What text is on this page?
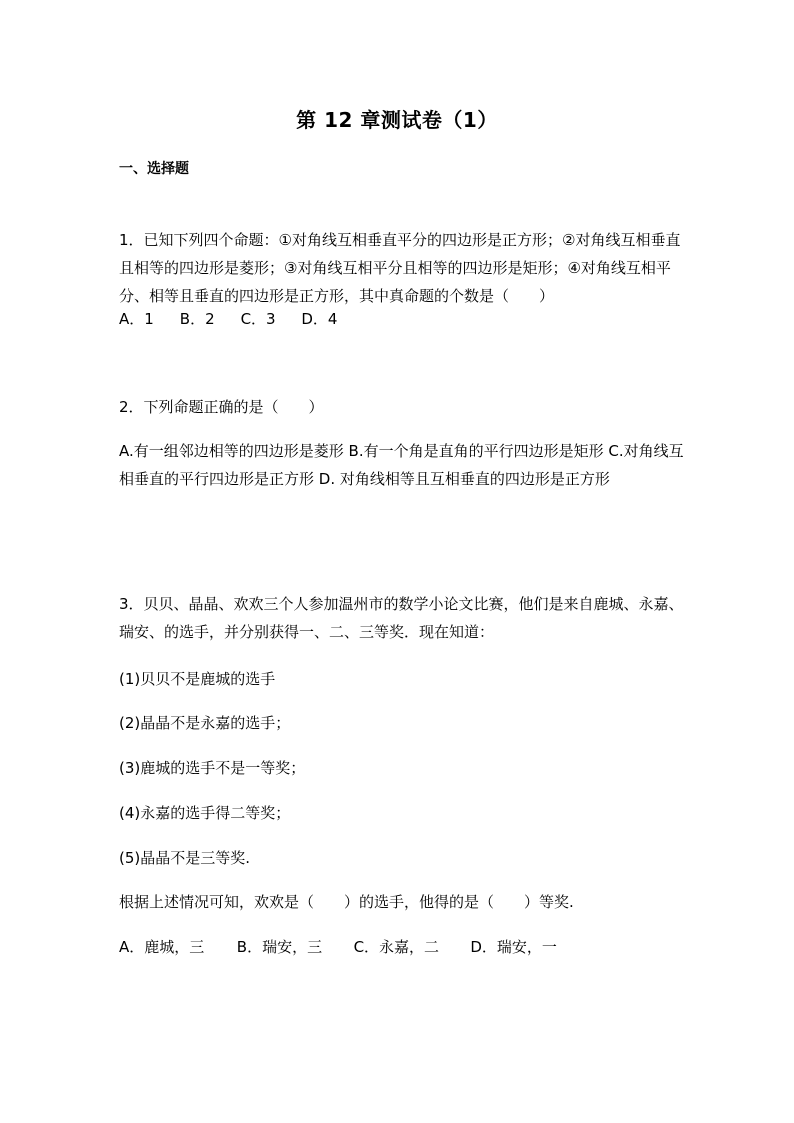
第 12 章测试卷（1）
一、选择题
1．已知下列四个命题：①对角线互相垂直平分的四边形是正方形；②对角线互相垂直且相等的四边形是菱形；③对角线互相平分且相等的四边形是矩形；④对角线互相平分、相等且垂直的四边形是正方形，其中真命题的个数是（　　）
A．1 B．2 C．3 D．4
2．下列命题正确的是（　　）
A.有一组邻边相等的四边形是菱形 B.有一个角是直角的平行四边形是矩形 C.对角线互相垂直的平行四边形是正方形 D. 对角线相等且互相垂直的四边形是正方形
3．贝贝、晶晶、欢欢三个人参加温州市的数学小论文比赛，他们是来自鹿城、永嘉、瑞安、的选手，并分别获得一、二、三等奖．现在知道：
(1)贝贝不是鹿城的选手
(2)晶晶不是永嘉的选手；
(3)鹿城的选手不是一等奖；
(4)永嘉的选手得二等奖；
(5)晶晶不是三等奖.
根据上述情况可知，欢欢是（　　）的选手，他得的是（　　）等奖.
A．鹿城，三 B．瑞安，三 C．永嘉，二 D．瑞安，一
